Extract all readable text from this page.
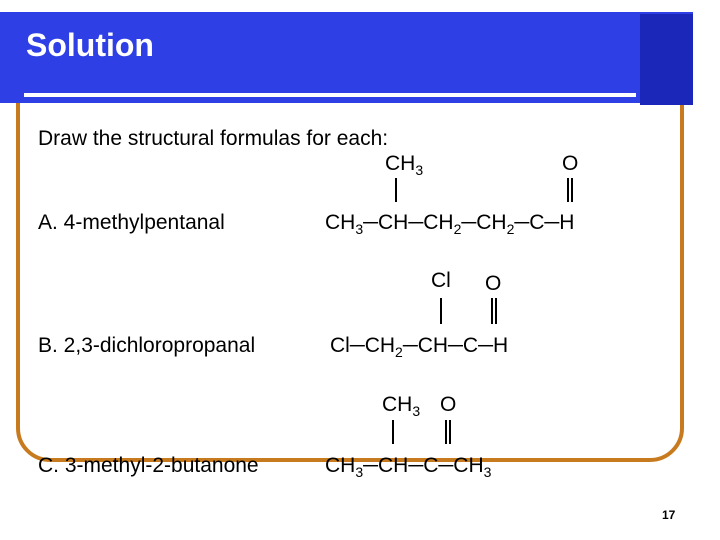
Solution
Draw the structural formulas for each:
A. 4-methylpentanal
$CH_3$	O
$CH_3─CH─CH_2─CH_2─C─H$
B. 2,3-dichloropropanal
Cl O
$Cl─CH_2─CH─C─H$
C. 3-methyl-2-butanone
$CH_3$ O
$CH_3─CH─C─CH_3$
17
